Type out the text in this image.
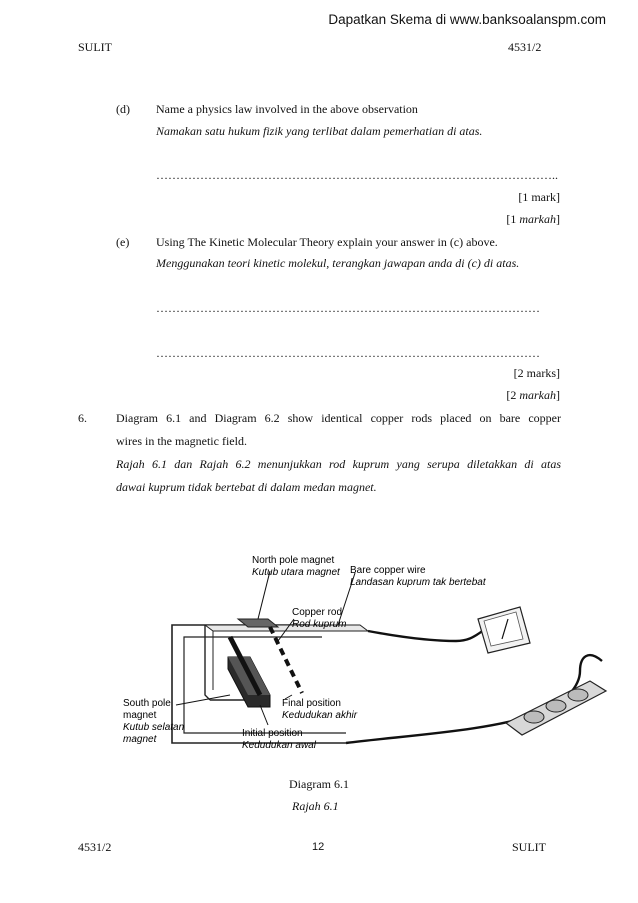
Dapatkan Skema di www.banksoalanspm.com
SULIT	4531/2
(d) Name a physics law involved in the above observation
Namakan satu hukum fizik yang terlibat dalam pemerhatian di atas.
………………………………………………………………………………………..
[1 mark]
[1 markah]
(e) Using The Kinetic Molecular Theory explain your answer in (c) above.
Menggunakan teori kinetic molekul, terangkan jawapan anda di (c) di atas.
……………………………………………………………………………………
……………………………………………………………………………………
[2 marks]
[2 markah]
6. Diagram 6.1 and Diagram 6.2 show identical copper rods placed on bare copper
wires in the magnetic field.
Rajah 6.1 dan Rajah 6.2 menunjukkan rod kuprum yang serupa diletakkan di atas
dawai kuprum tidak bertebat di dalam medan magnet.
North pole magnet
Kutub utara magnet Bare copper wire
Landasan kuprum tak bertebat
Copper rod
Rod kuprum
South pole
magnet
Kutub selatan
magnet
Final position
Kedudukan akhir
Initial position
Kedudukan awal
Diagram 6.1
Rajah 6.1
4531/2	12	SULIT
